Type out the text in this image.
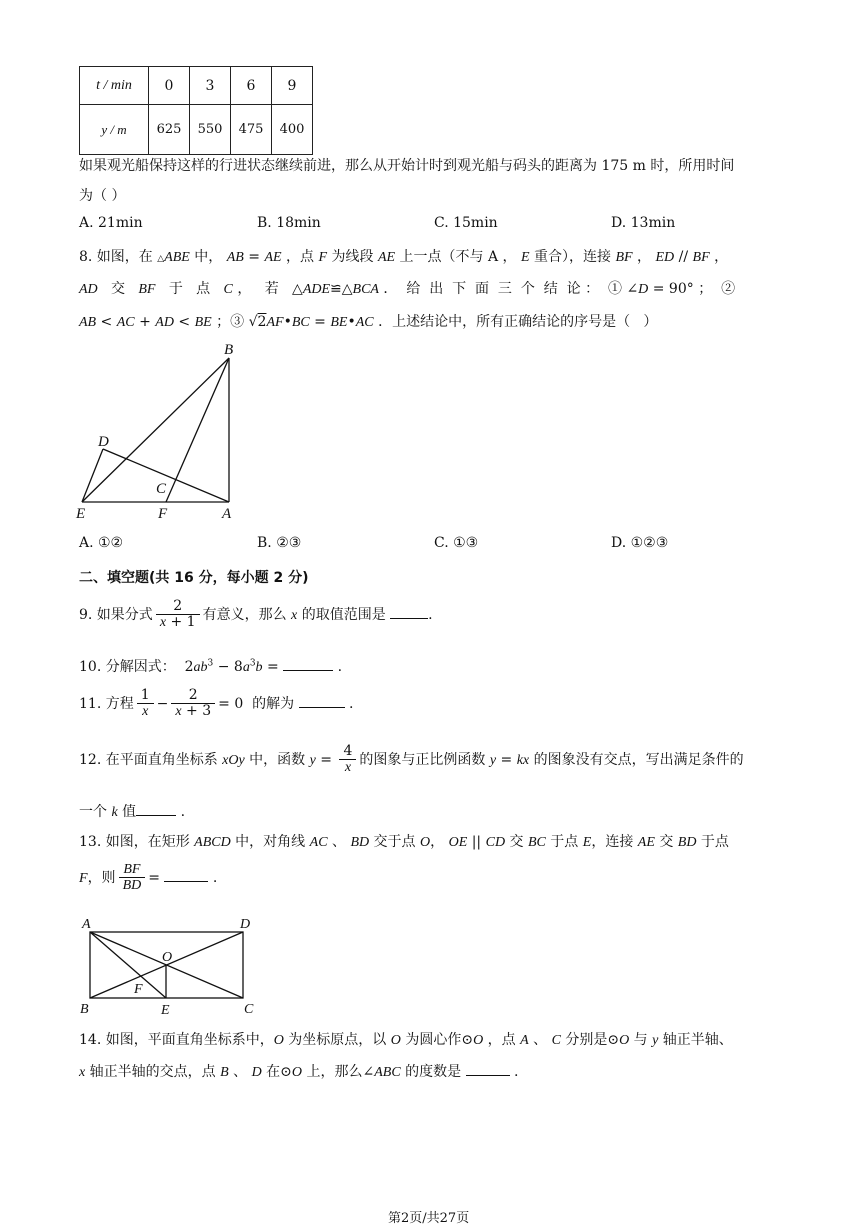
t / min	0	3	6	9
y / m	625	550	475	400
如果观光船保持这样的行进状态继续前进，那么从开始计时到观光船与码头的距离为 175 m 时，所用时间
为（ ）
A. 21min	B. 18min	C. 15min	D. 13min
8. 如图，在 △ABE 中， AB = AE ，点 F 为线段 AE 上一点（不与 A ， E 重合），连接 BF ， ED // BF ，
AD   交   BF   于   点   C ，   若   △ADE≌△BCA ．  给  出  下  面  三  个  结  论 ：  ① ∠D = 90° ；  ②
AB < AC + AD < BE ；③ √2AF•BC = BE•AC ．上述结论中，所有正确结论的序号是（   ）
B
D
C
E	F	A
A. ①②	B. ②③	C. ①③	D. ①②③
二、填空题(共 16 分，每小题 2 分)
9. 如果分式 $\frac{2}{x + 1}$ 有意义，那么 x 的取值范围是	.
10. 分解因式：  $2ab^3 - 8a^3b$ =	.
11. 方程 $\frac{1}{x} - \frac{2}{x + 3} = 0$  的解为	.
12. 在平面直角坐标系 xOy 中，函数 $y = \frac{4}{x}$ 的图象与正比例函数 y = kx 的图象没有交点，写出满足条件的
一个 k 值	.
13. 如图，在矩形 ABCD 中，对角线 AC 、 BD 交于点 O， OE || CD 交 BC 于点 E，连接 AE 交 BD 于点
F，则 $\frac{BF}{BD}$ =	.
A	D
O
F
B	E	C
14. 如图，平面直角坐标系中，O 为坐标原点，以 O 为圆心作⊙O ，点 A 、 C 分别是⊙O 与 y 轴正半轴、
x 轴正半轴的交点，点 B 、 D 在⊙O 上，那么∠ABC 的度数是	.
第2页/共27页
